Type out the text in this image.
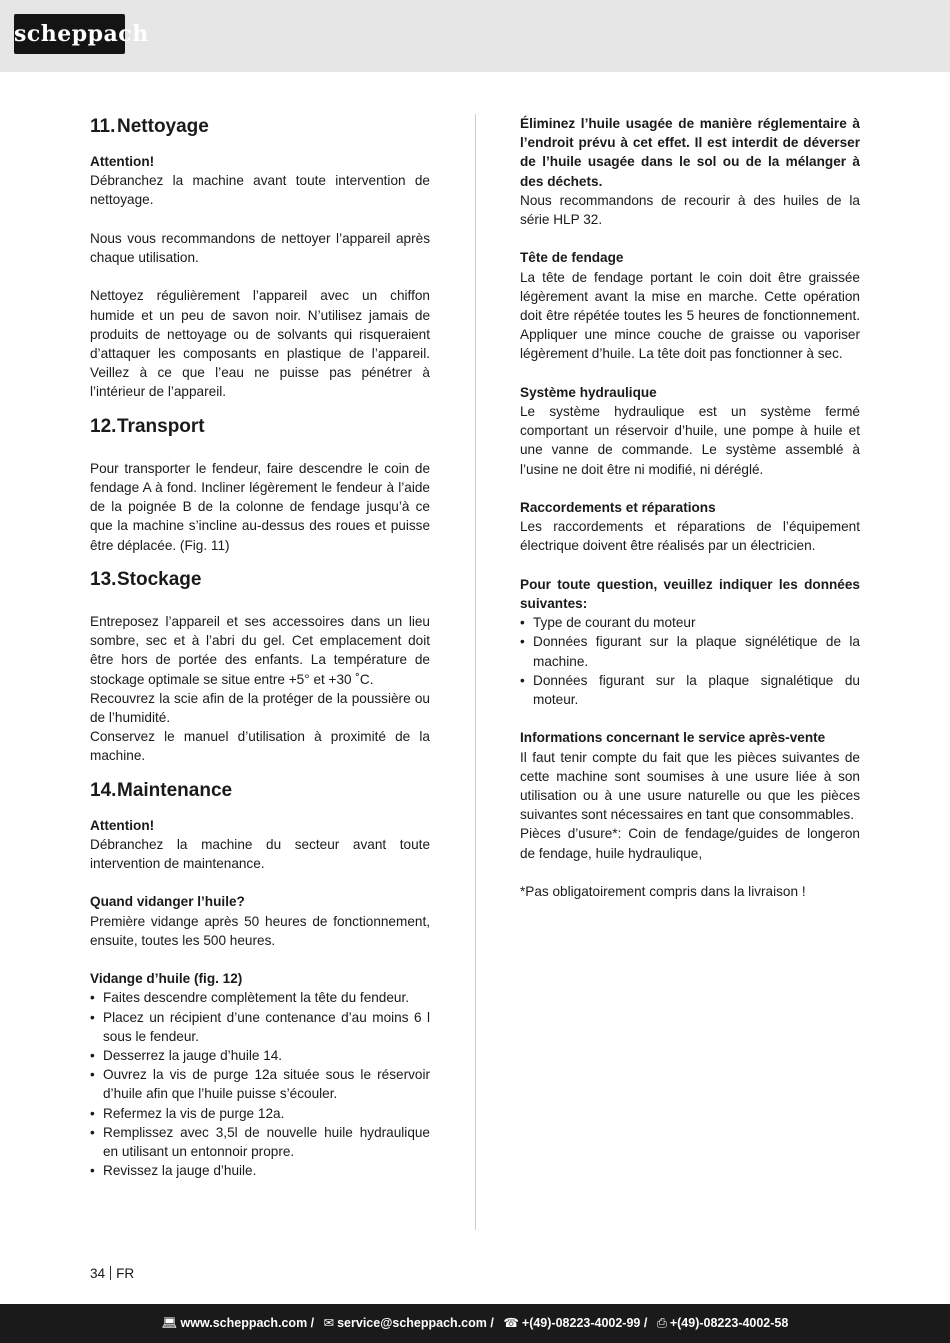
scheppach
11.Nettoyage

Attention!

Débranchez la machine avant toute intervention de nettoyage.

Nous vous recommandons de nettoyer l’appareil après chaque utilisation.

Nettoyez régulièrement l’appareil avec un chiffon humide et un peu de savon noir. N’utilisez jamais de produits de nettoyage ou de solvants qui risqueraient d’attaquer les composants en plastique de l’appareil. Veillez à ce que l’eau ne puisse pas pénétrer à l’intérieur de l’appareil.

12.Transport

Pour transporter le fendeur, faire descendre le coin de fendage A à fond. Incliner légèrement le fendeur à l’aide de la poignée B de la colonne de fendage jusqu’à ce que la machine s’incline au-dessus des roues et puisse être déplacée. (Fig. 11)

13.Stockage

Entreposez l’appareil et ses accessoires dans un lieu sombre, sec et à l’abri du gel. Cet emplacement doit être hors de portée des enfants. La température de stockage optimale se situe entre +5° et +30 ˚C.

Recouvrez la scie afin de la protéger de la poussière ou de l’humidité.

Conservez le manuel d’utilisation à proximité de la machine.

14.Maintenance

Attention!

Débranchez la machine du secteur avant toute intervention de maintenance.

Quand vidanger l’huile?

Première vidange après 50 heures de fonctionnement, ensuite, toutes les 500 heures.

Vidange d’huile (fig. 12)

• Faites descendre complètement la tête du fendeur.
• Placez un récipient d’une contenance d’au moins 6 l sous le fendeur.
• Desserrez la jauge d’huile 14.
• Ouvrez la vis de purge 12a située sous le réservoir d’huile afin que l’huile puisse s’écouler.
• Refermez la vis de purge 12a.
• Remplissez avec 3,5l de nouvelle huile hydraulique en utilisant un entonnoir propre.
• Revissez la jauge d’huile.

Éliminez l’huile usagée de manière réglementaire à l’endroit prévu à cet effet. Il est interdit de déverser de l’huile usagée dans le sol ou de la mélanger à des déchets.

Nous recommandons de recourir à des huiles de la série HLP 32.

Tête de fendage

La tête de fendage portant le coin doit être graissée légèrement avant la mise en marche. Cette opération doit être répétée toutes les 5 heures de fonctionnement. Appliquer une mince couche de graisse ou vaporiser légèrement d’huile. La tête doit pas fonctionner à sec.

Système hydraulique

Le système hydraulique est un système fermé comportant un réservoir d’huile, une pompe à huile et une vanne de commande. Le système assemblé à l’usine ne doit être ni modifié, ni déréglé.

Raccordements et réparations

Les raccordements et réparations de l’équipement électrique doivent être réalisés par un électricien.

Pour toute question, veuillez indiquer les données suivantes:

• Type de courant du moteur
• Données figurant sur la plaque signélétique de la machine.
• Données figurant sur la plaque signalétique du moteur.

Informations concernant le service après-vente

Il faut tenir compte du fait que les pièces suivantes de cette machine sont soumises à une usure liée à son utilisation ou à une usure naturelle ou que les pièces suivantes sont nécessaires en tant que consommables.

Pièces d’usure*: Coin de fendage/guides de longeron de fendage, huile hydraulique,

*Pas obligatoirement compris dans la livraison !

34 FR
💻︎ www.scheppach.com / ✉︎ service@scheppach.com / ☎︎ +(49)-08223-4002-99 / ⎙ +(49)-08223-4002-58
